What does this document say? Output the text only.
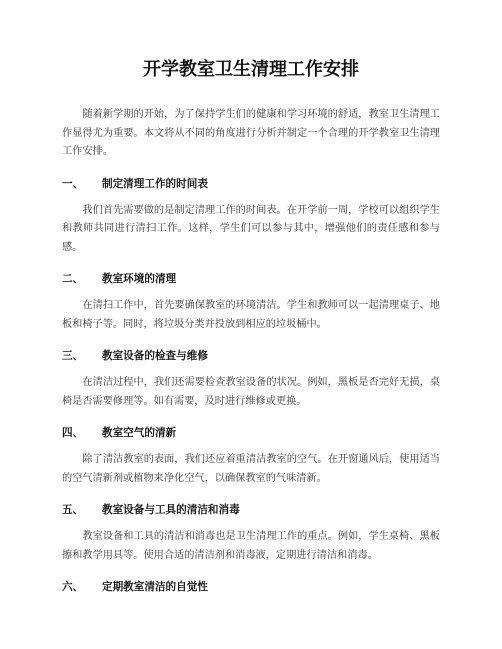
开学教室卫生清理工作安排

随着新学期的开始，为了保持学生们的健康和学习环境的舒适，教室卫生清理工作显得尤为重要。本文将从不同的角度进行分析并制定一个合理的开学教室卫生清理工作安排。

一、 制定清理工作的时间表

我们首先需要做的是制定清理工作的时间表。在开学前一周，学校可以组织学生和教师共同进行清扫工作。这样，学生们可以参与其中，增强他们的责任感和参与感。

二、 教室环境的清理

在清扫工作中，首先要确保教室的环境清洁。学生和教师可以一起清理桌子、地板和椅子等。同时，将垃圾分类并投放到相应的垃圾桶中。

三、 教室设备的检查与维修

在清洁过程中，我们还需要检查教室设备的状况。例如，黑板是否完好无损，桌椅是否需要修理等。如有需要，及时进行维修或更换。

四、 教室空气的清新

除了清洁教室的表面，我们还应着重清洁教室的空气。在开窗通风后，使用适当的空气清新剂或植物来净化空气，以确保教室的气味清新。

五、 教室设备与工具的清洁和消毒

教室设备和工具的清洁和消毒也是卫生清理工作的重点。例如，学生桌椅、黑板擦和教学用具等。使用合适的清洁剂和消毒液，定期进行清洁和消毒。

六、 定期教室清洁的自觉性
